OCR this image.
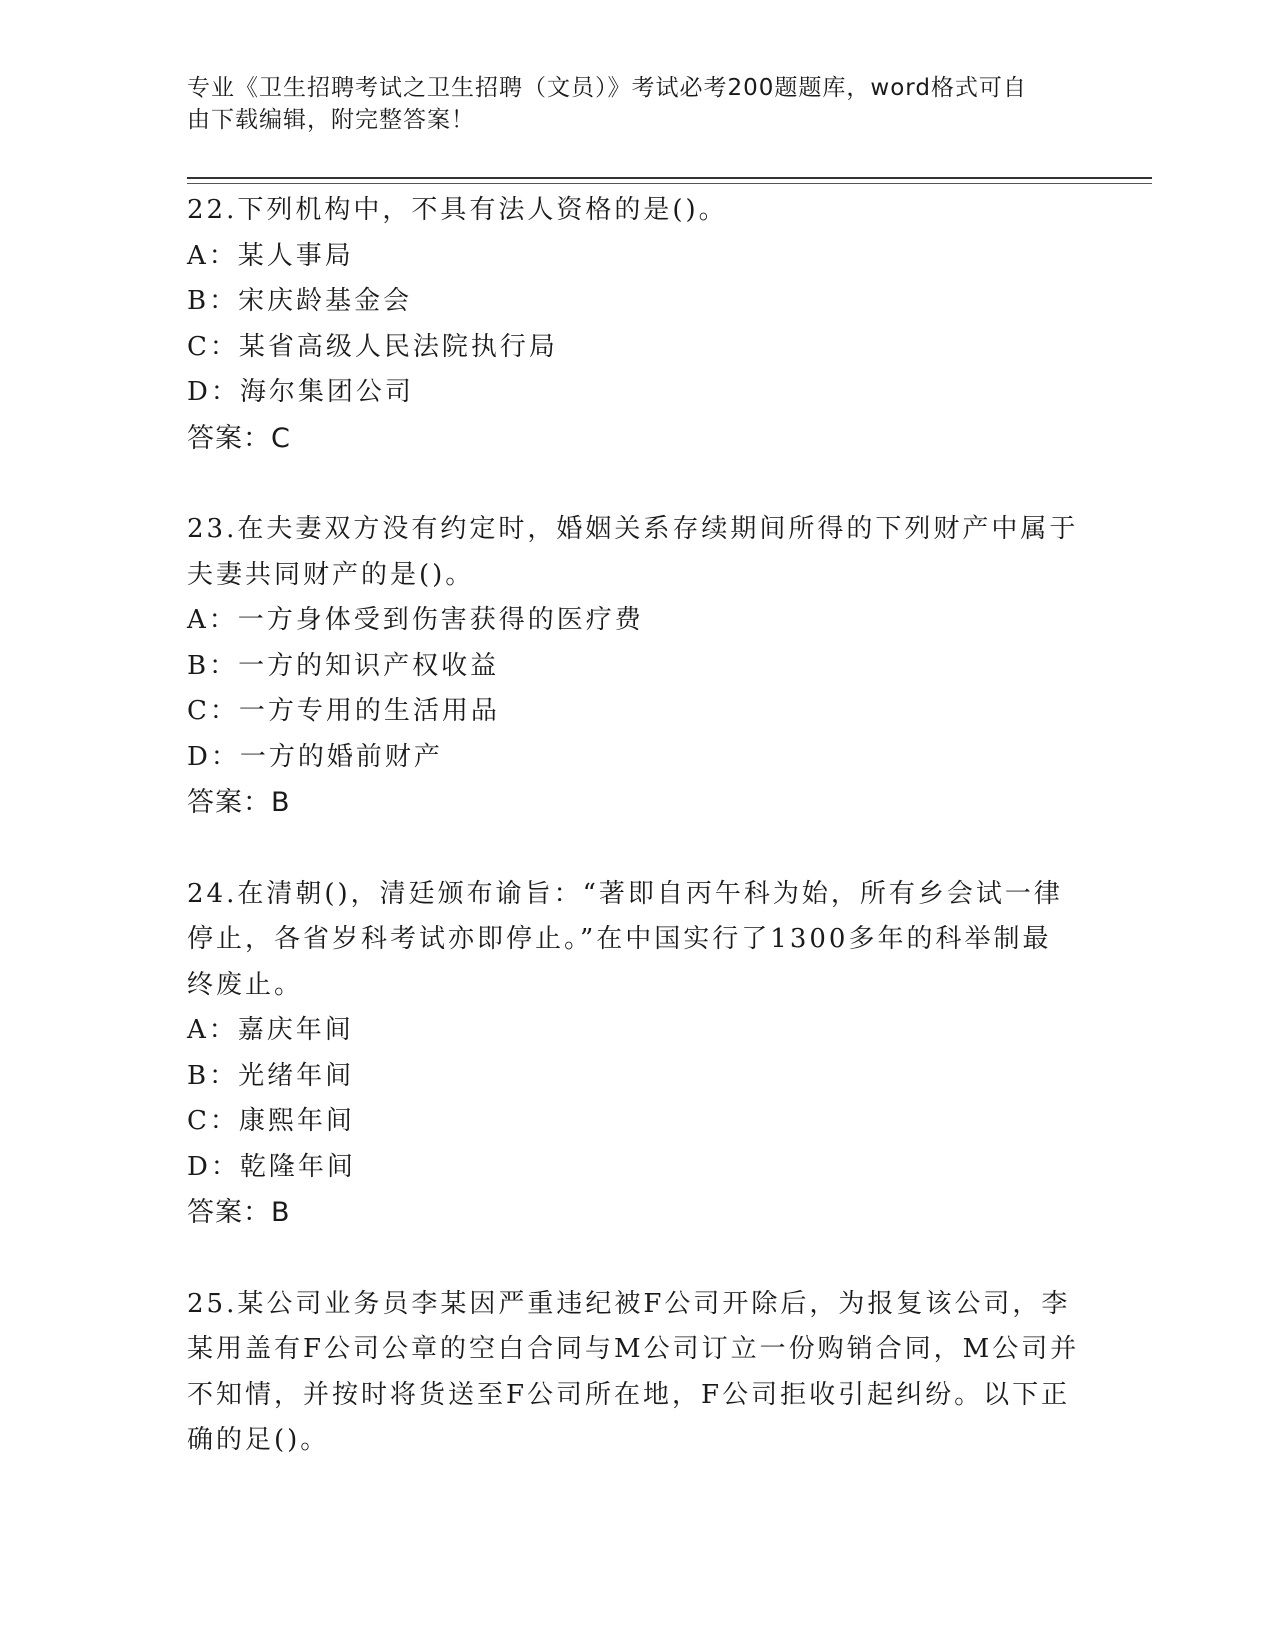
专业《卫生招聘考试之卫生招聘（文员）》考试必考200题题库，word格式可自
由下载编辑，附完整答案！

22.下列机构中，不具有法人资格的是()。

A：某人事局

B：宋庆龄基金会

C：某省高级人民法院执行局

D：海尔集团公司

答案：C

23.在夫妻双方没有约定时，婚姻关系存续期间所得的下列财产中属于

夫妻共同财产的是()。

A：一方身体受到伤害获得的医疗费

B：一方的知识产权收益

C：一方专用的生活用品

D：一方的婚前财产

答案：B

24.在清朝()，清廷颁布谕旨：“著即自丙午科为始，所有乡会试一律

停止，各省岁科考试亦即停止。”在中国实行了1300多年的科举制最

终废止。

A：嘉庆年间

B：光绪年间

C：康熙年间

D：乾隆年间

答案：B

25.某公司业务员李某因严重违纪被F公司开除后，为报复该公司，李

某用盖有F公司公章的空白合同与M公司订立一份购销合同，M公司并

不知情，并按时将货送至F公司所在地，F公司拒收引起纠纷。以下正

确的足()。
